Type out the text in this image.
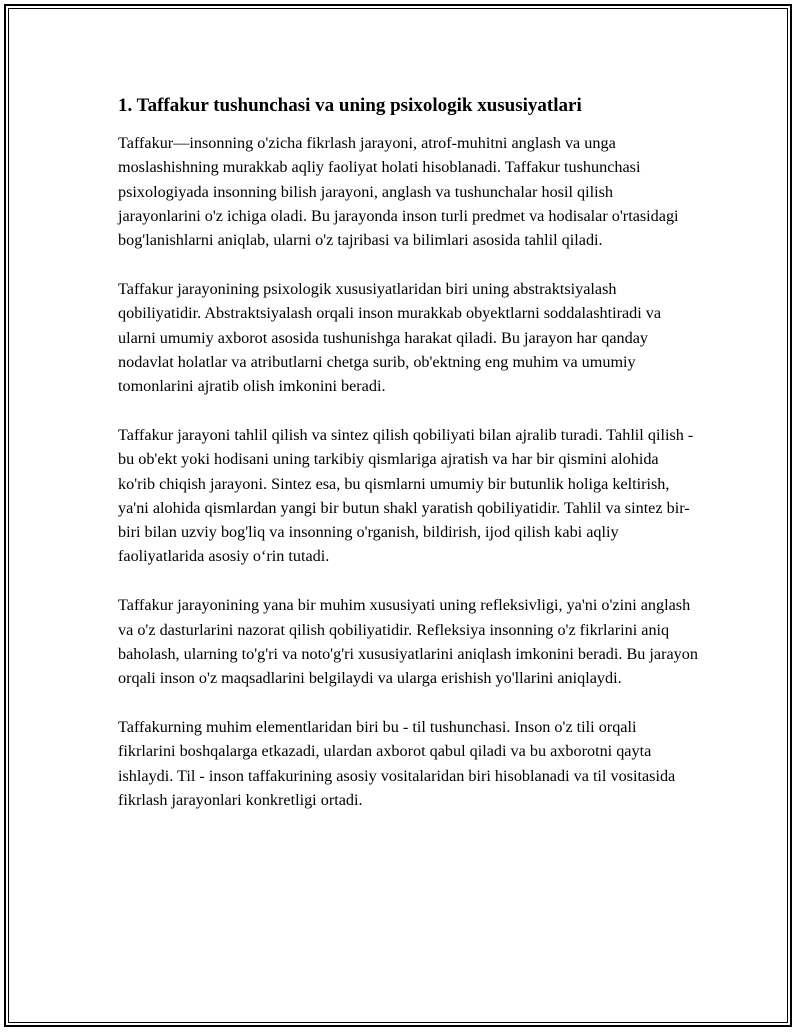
1. Taffakur tushunchasi va uning psixologik xususiyatlari

Taffakur—insonning o'zicha fikrlash jarayoni, atrof-muhitni anglash va unga moslashishning murakkab aqliy faoliyat holati hisoblanadi. Taffakur tushunchasi psixologiyada insonning bilish jarayoni, anglash va tushunchalar hosil qilish jarayonlarini o'z ichiga oladi. Bu jarayonda inson turli predmet va hodisalar o'rtasidagi bog'lanishlarni aniqlab, ularni o'z tajribasi va bilimlari asosida tahlil qiladi.

Taffakur jarayonining psixologik xususiyatlaridan biri uning abstraktsiyalash qobiliyatidir. Abstraktsiyalash orqali inson murakkab obyektlarni soddalashtiradi va ularni umumiy axborot asosida tushunishga harakat qiladi. Bu jarayon har qanday nodavlat holatlar va atributlarni chetga surib, ob'ektning eng muhim va umumiy tomonlarini ajratib olish imkonini beradi.

Taffakur jarayoni tahlil qilish va sintez qilish qobiliyati bilan ajralib turadi. Tahlil qilish - bu ob'ekt yoki hodisani uning tarkibiy qismlariga ajratish va har bir qismini alohida ko'rib chiqish jarayoni. Sintez esa, bu qismlarni umumiy bir butunlik holiga keltirish, ya'ni alohida qismlardan yangi bir butun shakl yaratish qobiliyatidir. Tahlil va sintez bir-biri bilan uzviy bog'liq va insonning o'rganish, bildirish, ijod qilish kabi aqliy faoliyatlarida asosiy o‘rin tutadi.

Taffakur jarayonining yana bir muhim xususiyati uning refleksivligi, ya'ni o'zini anglash va o'z dasturlarini nazorat qilish qobiliyatidir. Refleksiya insonning o'z fikrlarini aniq baholash, ularning to'g'ri va noto'g'ri xususiyatlarini aniqlash imkonini beradi. Bu jarayon orqali inson o'z maqsadlarini belgilaydi va ularga erishish yo'llarini aniqlaydi.

Taffakurning muhim elementlaridan biri bu - til tushunchasi. Inson o'z tili orqali fikrlarini boshqalarga etkazadi, ulardan axborot qabul qiladi va bu axborotni qayta ishlaydi. Til - inson taffakurining asosiy vositalaridan biri hisoblanadi va til vositasida fikrlash jarayonlari konkretligi ortadi.
